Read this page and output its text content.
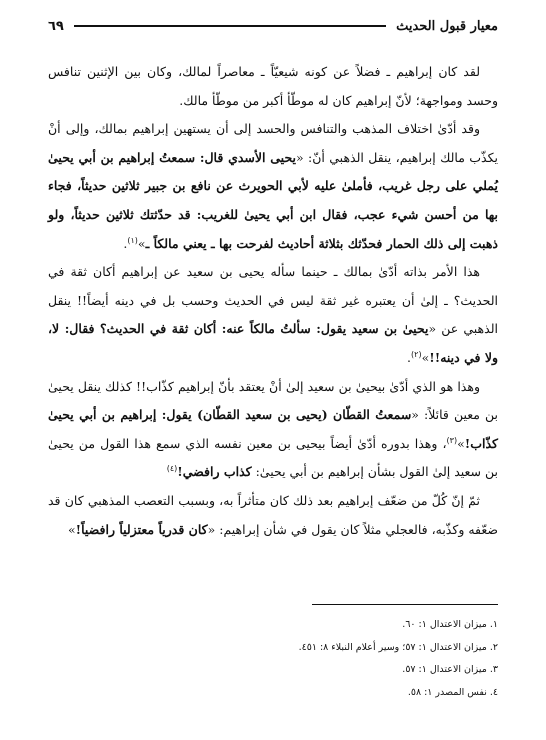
معيار قبول الحديث
٦٩

لقد كان إبراهيم ـ فضلاً عن كونه شيعيّاً ـ معاصراً لمالك، وكان بين الإثنين تنافس وحسد ومواجهة؛ لأنّ إبراهيم كان له موطّأ أكبر من موطّأ مالك.

وقد أدّىٰ اختلاف المذهب والتنافس والحسد إلى أن يستهين إبراهيم بمالك، وإلى أنْ يكذّب مالك إبراهيم، ينقل الذهبي أنّ: «يحيى الأسدي قال: سمعتُ إبراهيم بن أبي يحيىٰ يُملي على رجل غريب، فأملىٰ عليه لأبي الحويرث عن نافع بن جبير ثلاثين حديثاً، فجاء بها من أحسن شيء عجب، فقال ابن أبي يحيىٰ للغريب: قد حدّثتك ثلاثين حديثاً، ولو ذهبت إلى ذلك الحمار فحدّثك بثلاثة أحاديث لفرحت بها ـ يعني مالكاً ـ»$^{(١)}$.

هذا الأمر بذاته أدّىٰ بمالك ـ حينما سأله يحيى بن سعيد عن إبراهيم أكان ثقة في الحديث؟ ـ إلىٰ أن يعتبره غير ثقة ليس في الحديث وحسب بل في دينه أيضاً!! ينقل الذهبي عن «يحيىٰ بن سعيد يقول: سألتُ مالكاً عنه: أكان ثقة في الحديث؟ فقال: لا، ولا في دينه!!»$^{(٢)}$.

وهذا هو الذي أدّىٰ بيحيىٰ بن سعيد إلىٰ أنْ يعتقد بأنّ إبراهيم كذّاب!! كذلك ينقل يحيىٰ بن معين قائلاً: «سمعتُ القطّان (يحيى بن سعيد القطّان) يقول: إبراهيم بن أبي يحيىٰ كذّاب!»$^{(٣)}$، وهذا بدوره أدّىٰ أيضاً بيحيى بن معين نفسه الذي سمع هذا القول من يحيىٰ بن سعيد إلىٰ القول بشأن إبراهيم بن أبي يحيىٰ: كذاب رافضي!$^{(٤)}$

ثمّ إنّ كُلّ من ضعّف إبراهيم بعد ذلك كان متأثراً به، وبسبب التعصب المذهبي كان قد ضعّفه وكذّبه، فالعجلي مثلاً كان يقول في شأن إبراهيم: «كان قدرياً معتزلياً رافضياً!»

١. ميزان الاعتدال ١: ٦٠.

٢. ميزان الاعتدال ١: ٥٧؛ وسير أعلام النبلاء ٨: ٤٥١.

٣. ميزان الاعتدال ١: ٥٧.

٤. نفس المصدر ١: ٥٨.
